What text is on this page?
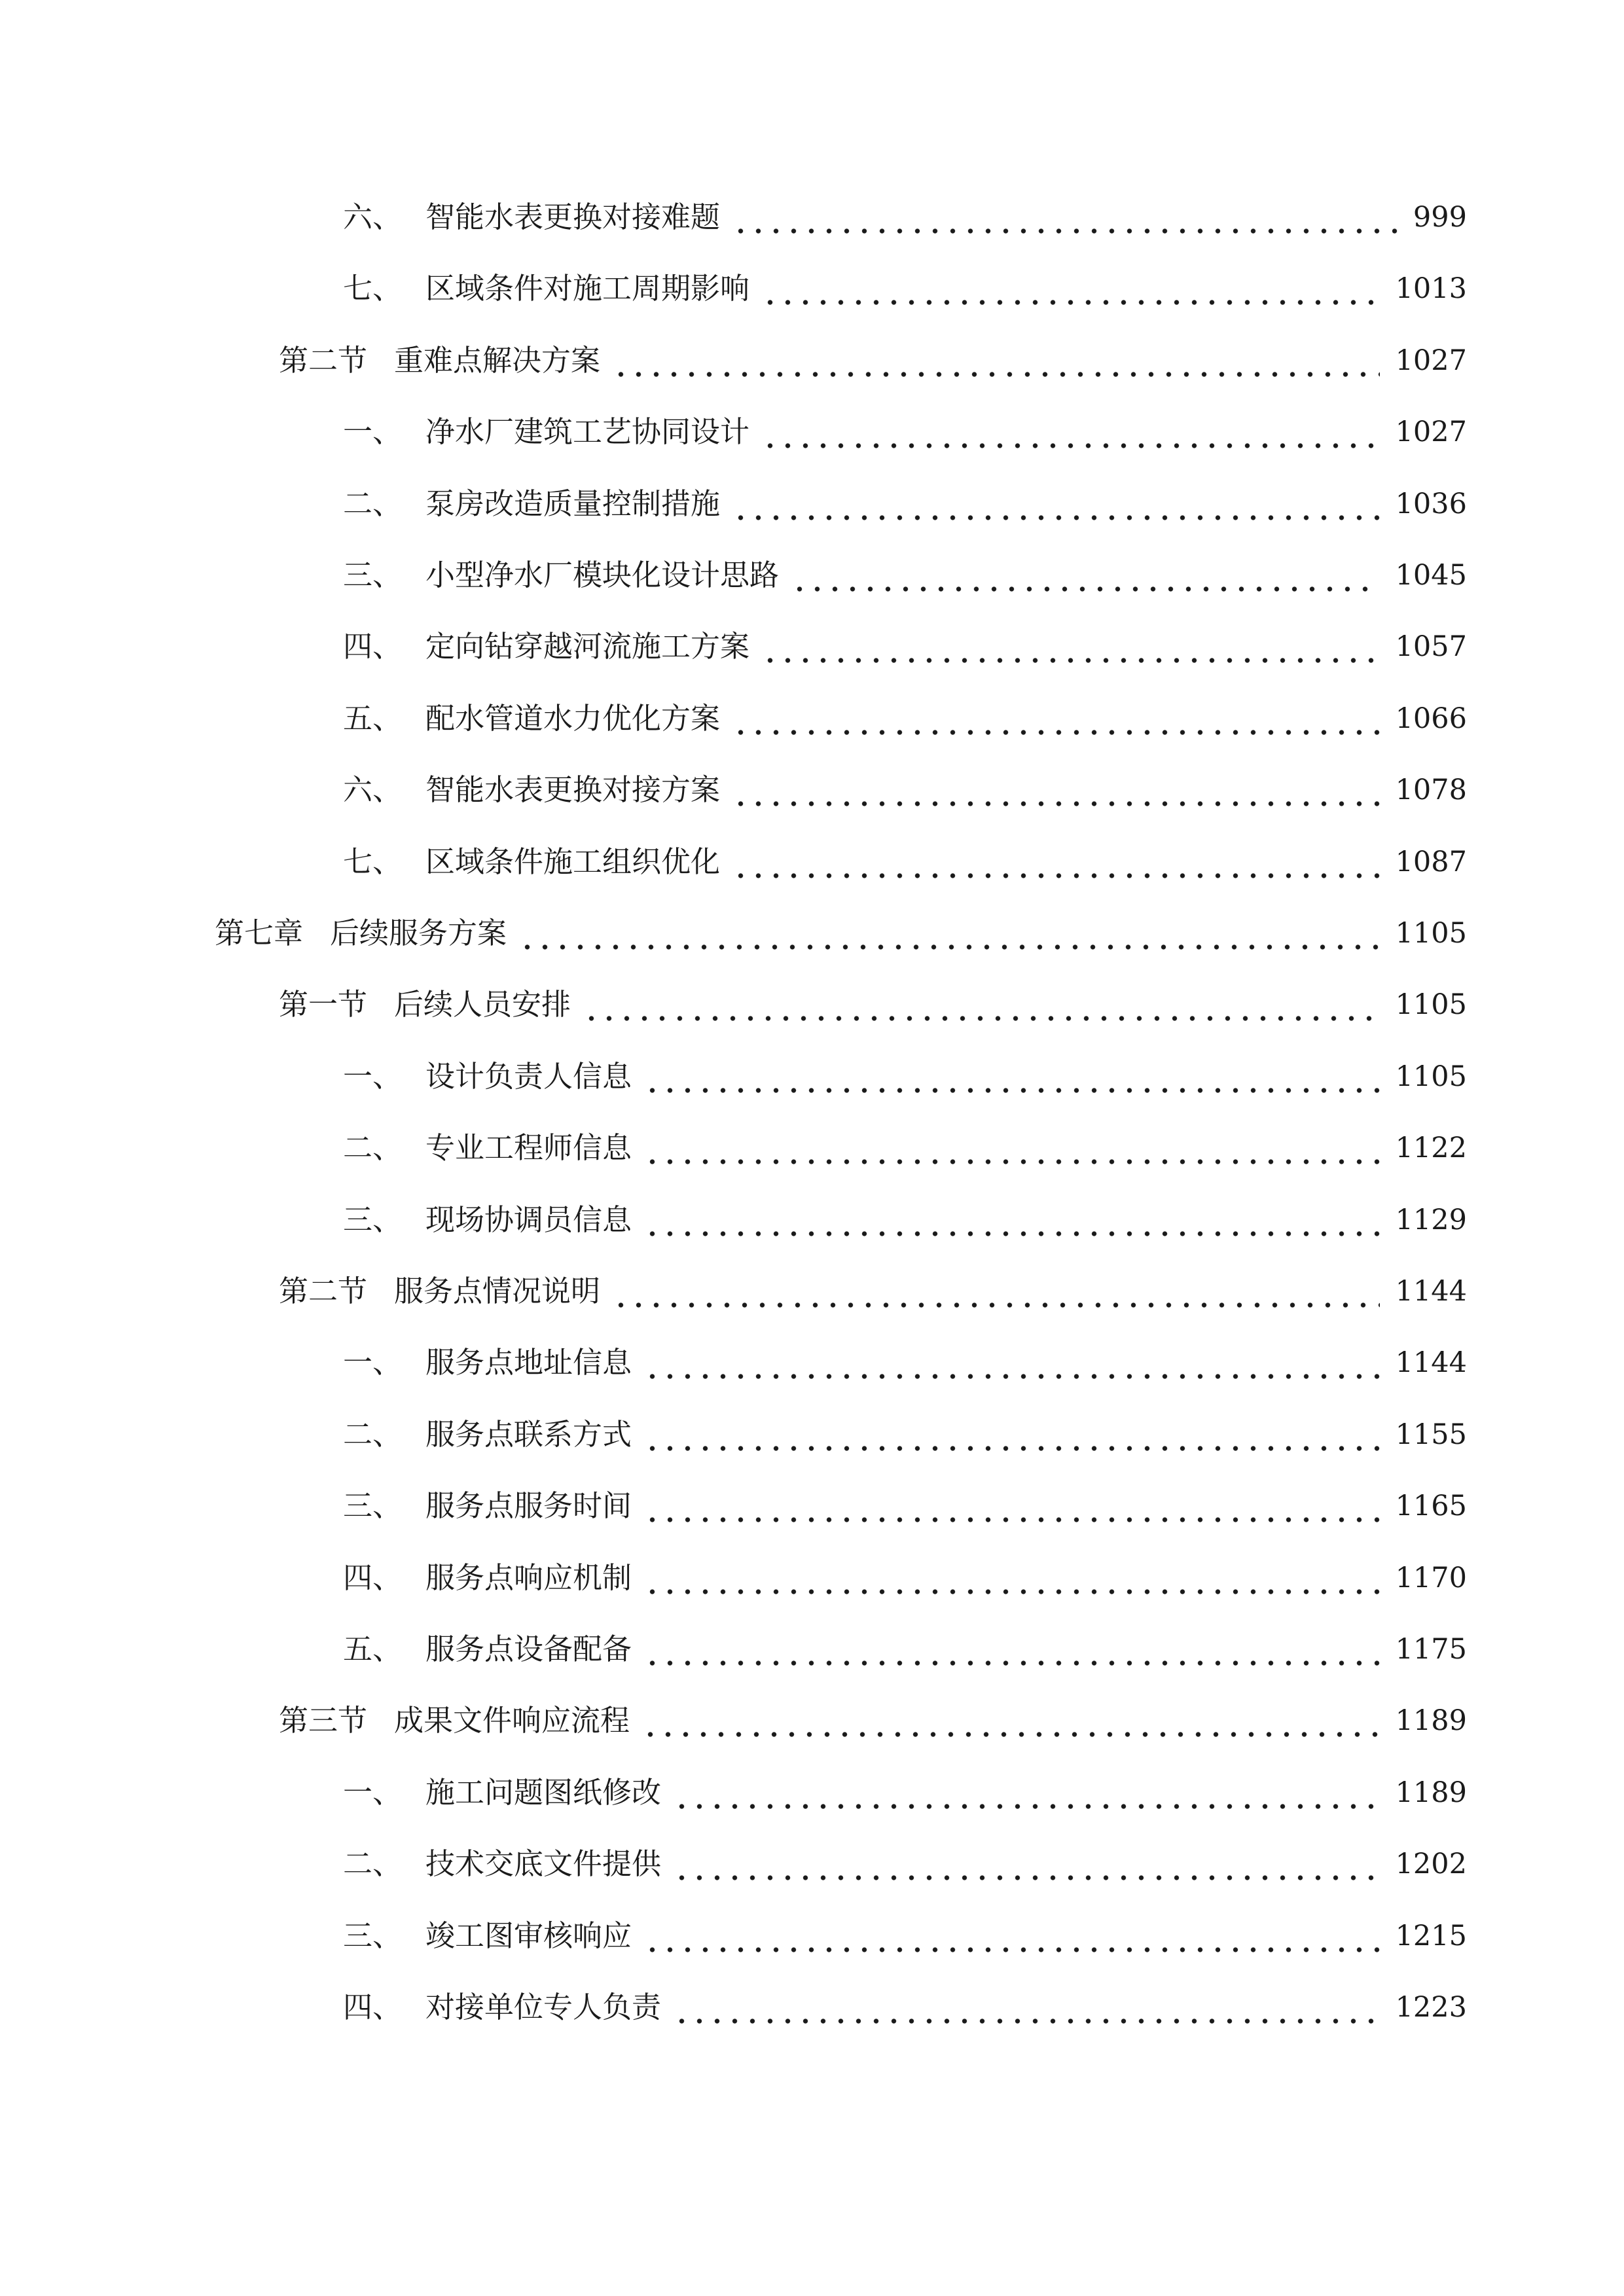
六、 智能水表更换对接难题	999
七、 区域条件对施工周期影响	1013
第二节 重难点解决方案	1027
一、 净水厂建筑工艺协同设计	1027
二、 泵房改造质量控制措施	1036
三、 小型净水厂模块化设计思路	1045
四、 定向钻穿越河流施工方案	1057
五、 配水管道水力优化方案	1066
六、 智能水表更换对接方案	1078
七、 区域条件施工组织优化	1087
第七章 后续服务方案	1105
第一节 后续人员安排	1105
一、 设计负责人信息	1105
二、 专业工程师信息	1122
三、 现场协调员信息	1129
第二节 服务点情况说明	1144
一、 服务点地址信息	1144
二、 服务点联系方式	1155
三、 服务点服务时间	1165
四、 服务点响应机制	1170
五、 服务点设备配备	1175
第三节 成果文件响应流程	1189
一、 施工问题图纸修改	1189
二、 技术交底文件提供	1202
三、 竣工图审核响应	1215
四、 对接单位专人负责	1223
